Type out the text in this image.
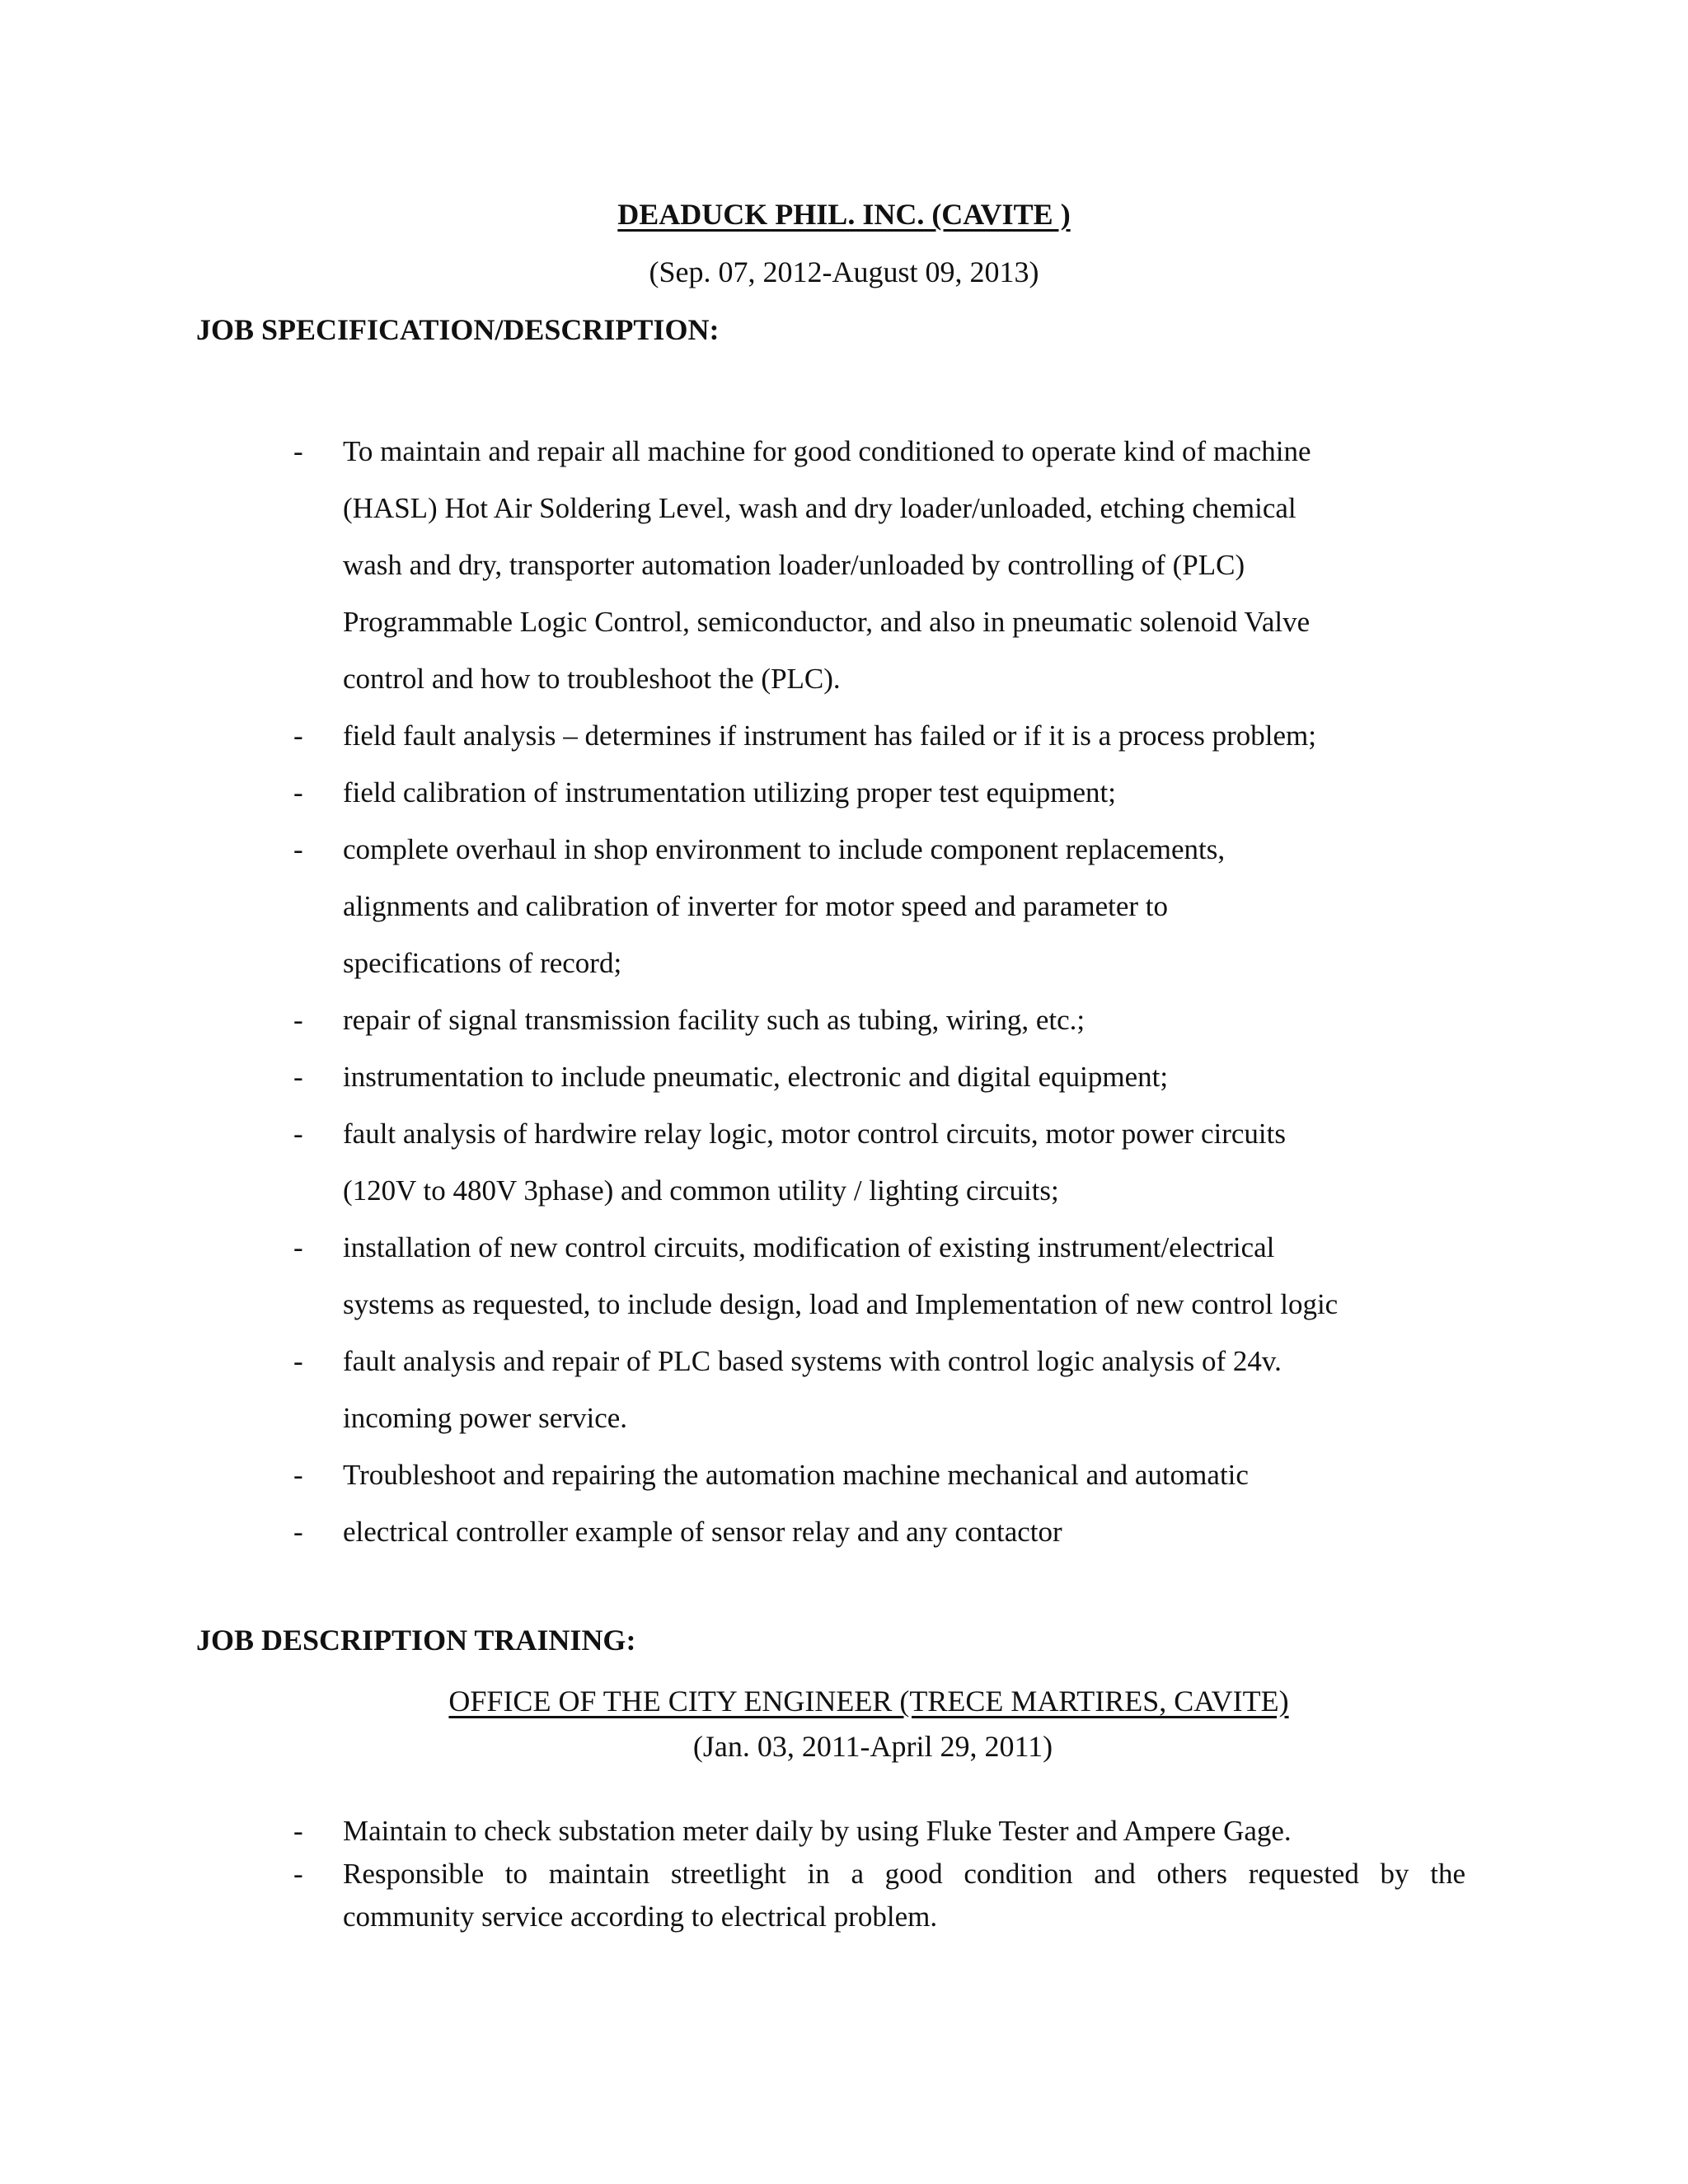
DEADUCK PHIL. INC. (CAVITE )
(Sep. 07, 2012-August 09, 2013)
JOB SPECIFICATION/DESCRIPTION:
- To maintain and repair all machine for good conditioned to operate kind of machine
(HASL) Hot Air Soldering Level, wash and dry loader/unloaded, etching chemical
wash and dry, transporter automation loader/unloaded by controlling of (PLC)
Programmable Logic Control, semiconductor, and also in pneumatic solenoid Valve
control and how to troubleshoot the (PLC).
- field fault analysis – determines if instrument has failed or if it is a process problem;
- field calibration of instrumentation utilizing proper test equipment;
- complete overhaul in shop environment to include component replacements,
alignments and calibration of inverter for motor speed and parameter to
specifications of record;
- repair of signal transmission facility such as tubing, wiring, etc.;
- instrumentation to include pneumatic, electronic and digital equipment;
- fault analysis of hardwire relay logic, motor control circuits, motor power circuits
(120V to 480V 3phase) and common utility / lighting circuits;
- installation of new control circuits, modification of existing instrument/electrical
systems as requested, to include design, load and Implementation of new control logic
- fault analysis and repair of PLC based systems with control logic analysis of 24v.
incoming power service.
- Troubleshoot and repairing the automation machine mechanical and automatic
- electrical controller example of sensor relay and any contactor
JOB DESCRIPTION TRAINING:
OFFICE OF THE CITY ENGINEER (TRECE MARTIRES, CAVITE)
(Jan. 03, 2011-April 29, 2011)
- Maintain to check substation meter daily by using Fluke Tester and Ampere Gage.
- Responsible to maintain streetlight in a good condition and others requested by the
community service according to electrical problem.
